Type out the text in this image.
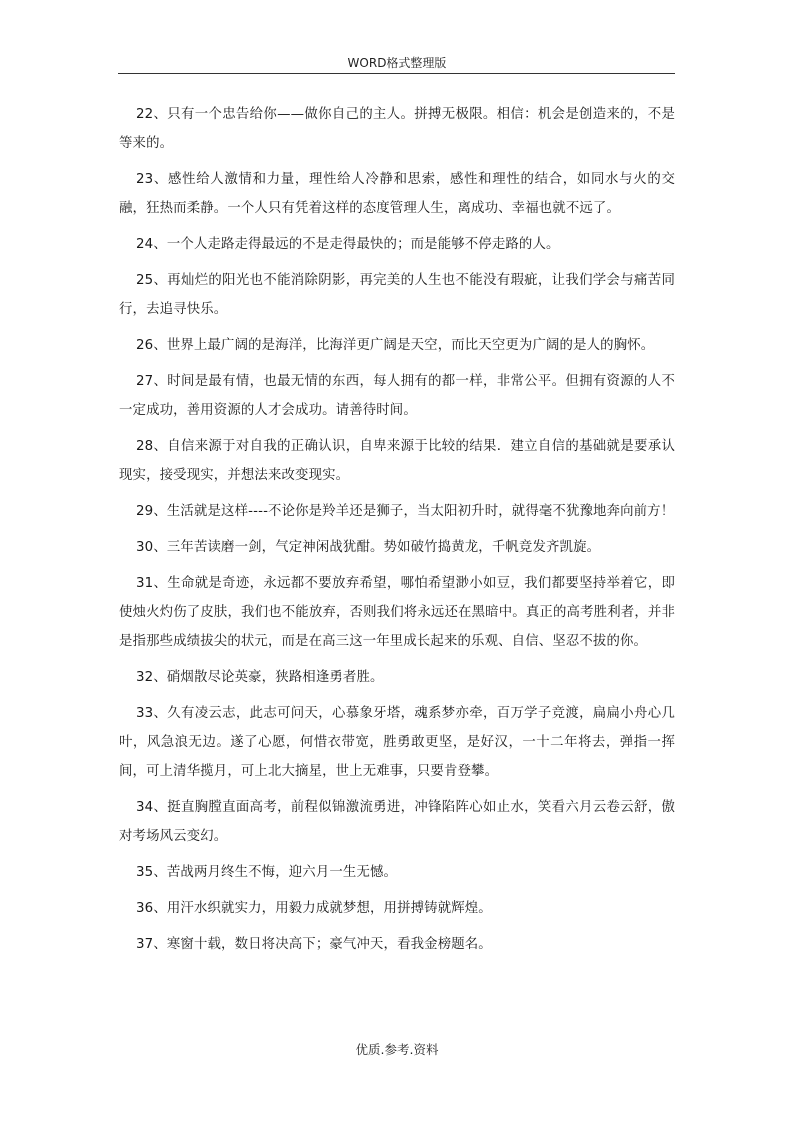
WORD格式整理版

22、只有一个忠告给你——做你自己的主人。拼搏无极限。相信：机会是创造来的，不是等来的。

23、感性给人激情和力量，理性给人冷静和思索，感性和理性的结合，如同水与火的交融，狂热而柔静。一个人只有凭着这样的态度管理人生，离成功、幸福也就不远了。

24、一个人走路走得最远的不是走得最快的；而是能够不停走路的人。

25、再灿烂的阳光也不能消除阴影，再完美的人生也不能没有瑕疵，让我们学会与痛苦同行，去追寻快乐。

26、世界上最广阔的是海洋，比海洋更广阔是天空，而比天空更为广阔的是人的胸怀。

27、时间是最有情，也最无情的东西，每人拥有的都一样，非常公平。但拥有资源的人不一定成功，善用资源的人才会成功。请善待时间。

28、自信来源于对自我的正确认识，自卑来源于比较的结果．建立自信的基础就是要承认现实，接受现实，并想法来改变现实。

29、生活就是这样----不论你是羚羊还是狮子，当太阳初升时，就得毫不犹豫地奔向前方！

30、三年苦读磨一剑，气定神闲战犹酣。势如破竹捣黄龙，千帆竞发齐凯旋。

31、生命就是奇迹，永远都不要放弃希望，哪怕希望渺小如豆，我们都要坚持举着它，即使烛火灼伤了皮肤，我们也不能放弃，否则我们将永远还在黑暗中。真正的高考胜利者，并非是指那些成绩拔尖的状元，而是在高三这一年里成长起来的乐观、自信、坚忍不拔的你。

32、硝烟散尽论英豪，狭路相逢勇者胜。

33、久有凌云志，此志可问天，心慕象牙塔，魂系梦亦牵，百万学子竞渡，扁扁小舟心几叶，风急浪无边。遂了心愿，何惜衣带宽，胜勇敢更坚，是好汉，一十二年将去，弹指一挥间，可上清华揽月，可上北大摘星，世上无难事，只要肯登攀。

34、挺直胸膛直面高考，前程似锦激流勇进，冲锋陷阵心如止水，笑看六月云卷云舒，傲对考场风云变幻。

35、苦战两月终生不悔，迎六月一生无憾。

36、用汗水织就实力，用毅力成就梦想，用拼搏铸就辉煌。

37、寒窗十载，数日将决高下；豪气冲天，看我金榜题名。

优质.参考.资料
